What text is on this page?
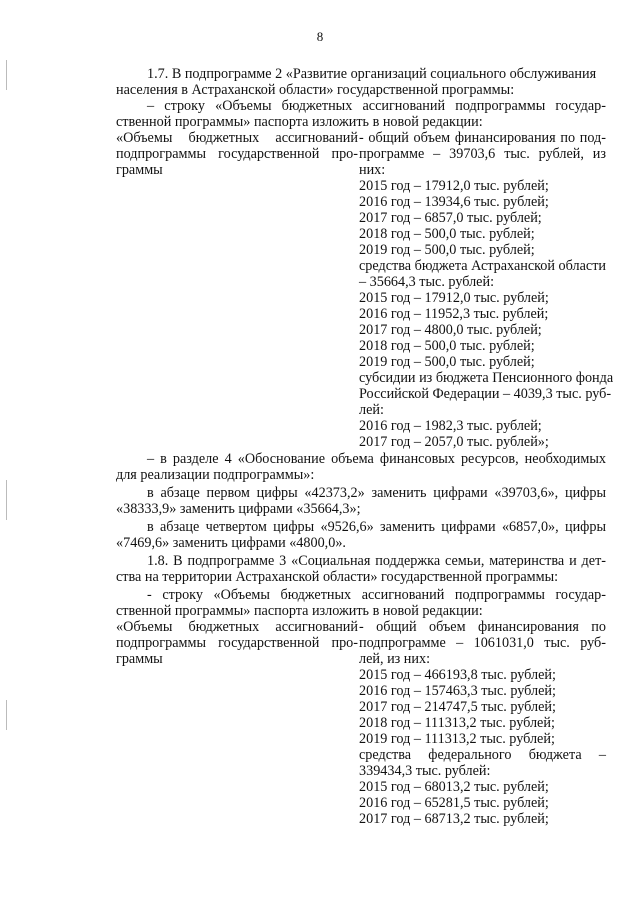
8
1.7. В подпрограмме 2 «Развитие организаций социального обслуживания
населения в Астраханской области» государственной программы:
– строку «Объемы бюджетных ассигнований подпрограммы государ-
ственной программы» паспорта изложить в новой редакции:
«Объемы бюджетных ассигнований
подпрограммы государственной про-
граммы
- общий объем финансирования по под-
программе – 39703,6 тыс. рублей, из
них:
2015 год – 17912,0 тыс. рублей;
2016 год – 13934,6 тыс. рублей;
2017 год – 6857,0 тыс. рублей;
2018 год – 500,0 тыс. рублей;
2019 год – 500,0 тыс. рублей;
средства бюджета Астраханской области
– 35664,3 тыс. рублей:
2015 год – 17912,0 тыс. рублей;
2016 год – 11952,3 тыс. рублей;
2017 год – 4800,0 тыс. рублей;
2018 год – 500,0 тыс. рублей;
2019 год – 500,0 тыс. рублей;
субсидии из бюджета Пенсионного фонда
Российской Федерации – 4039,3 тыс. руб-
лей:
2016 год – 1982,3 тыс. рублей;
2017 год – 2057,0 тыс. рублей»;
– в разделе 4 «Обоснование объема финансовых ресурсов, необходимых
для реализации подпрограммы»:
в абзаце первом цифры «42373,2» заменить цифрами «39703,6», цифры
«38333,9» заменить цифрами «35664,3»;
в абзаце четвертом цифры «9526,6» заменить цифрами «6857,0», цифры
«7469,6» заменить цифрами «4800,0».
1.8. В подпрограмме 3 «Социальная поддержка семьи, материнства и дет-
ства на территории Астраханской области» государственной программы:
- строку «Объемы бюджетных ассигнований подпрограммы государ-
ственной программы» паспорта изложить в новой редакции:
«Объемы бюджетных ассигнований
подпрограммы государственной про-
граммы
- общий объем финансирования по
подпрограмме – 1061031,0 тыс. руб-
лей, из них:
2015 год – 466193,8 тыс. рублей;
2016 год – 157463,3 тыс. рублей;
2017 год – 214747,5 тыс. рублей;
2018 год – 111313,2 тыс. рублей;
2019 год – 111313,2 тыс. рублей;
средства федерального бюджета –
339434,3 тыс. рублей:
2015 год – 68013,2 тыс. рублей;
2016 год – 65281,5 тыс. рублей;
2017 год – 68713,2 тыс. рублей;
